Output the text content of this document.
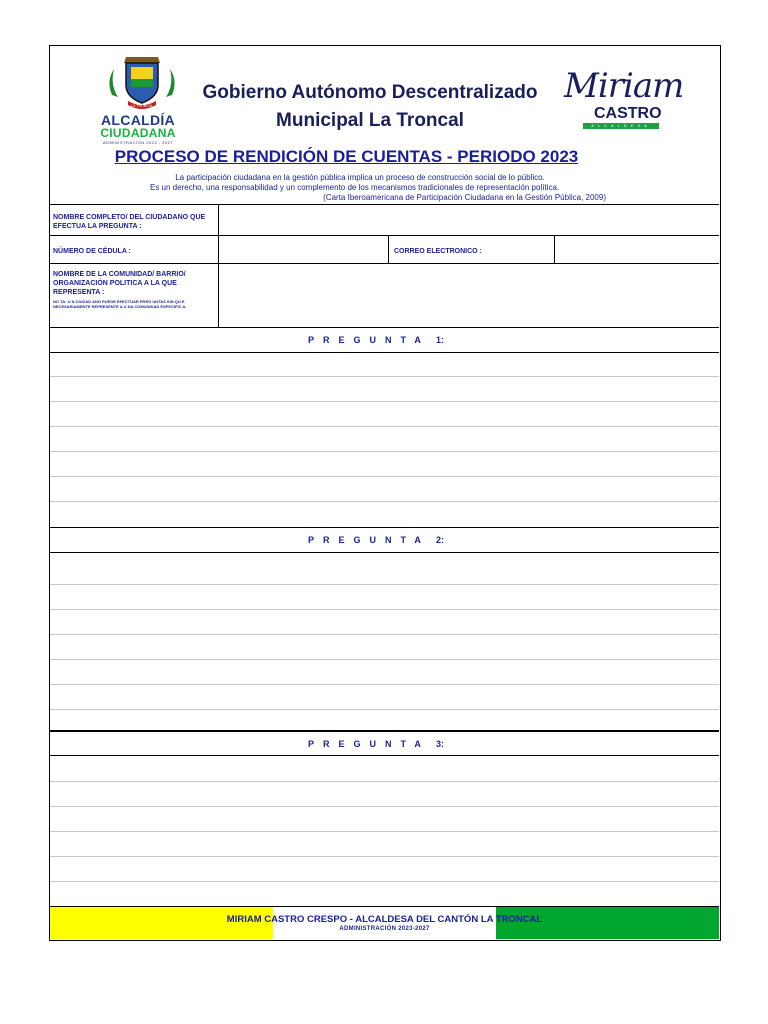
LA TRONCAL
ALCALDÍA
CIUDADANA
ADMINISTRACIÓN 2023 - 2027
Gobierno Autónomo Descentralizado
Municipal La Troncal
Miriam
CASTRO
ALCALDESA
PROCESO DE RENDICIÓN DE CUENTAS - PERIODO 2023
La participación ciudadana en la gestión pública implica un proceso de construcción social de lo público.
Es un derecho, una responsabilidad y un complemento de los mecanismos tradicionales de representación política.
(Carta Iberoamericana de Participación Ciudadana en la Gestión Pública, 2009)
NOMBRE COMPLETO/ DEL CIUDADANO QUE EFECTUA LA PREGUNTA :
NÚMERO DE CÉDULA :	CORREO ELECTRONICO :
NOMBRE DE LA COMUNIDAD/ BARRIO/ ORGANIZACIÓN POLITICA A LA QUE REPRESENTA :
NO TA: U N CIUDAD ANO PUEDE EFECTUAR PREG UNTAS SIN QU E NECESARIAMENTE REPRESENTE A U NA COMUNIDAD ESPECIFIC A.
PREGUNTA 1:
PREGUNTA 2:
PREGUNTA 3:
MIRIAM CASTRO CRESPO - ALCALDESA DEL CANTÓN LA TRONCAL
ADMINISTRACIÓN 2023-2027
